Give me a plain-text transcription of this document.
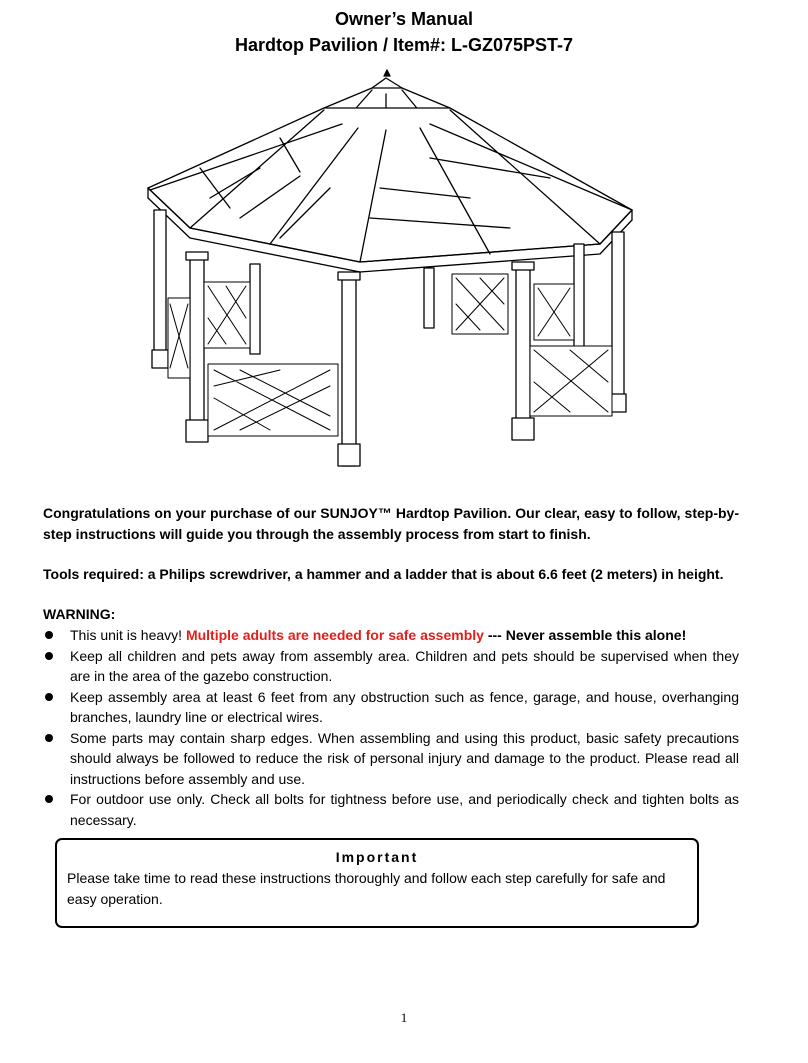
Owner’s Manual
Hardtop Pavilion / Item#: L-GZ075PST-7
Congratulations on your purchase of our SUNJOY™ Hardtop Pavilion. Our clear, easy to follow, step-by-step instructions will guide you through the assembly process from start to finish.
Tools required: a Philips screwdriver, a hammer and a ladder that is about 6.6 feet (2 meters) in height.
WARNING:
This unit is heavy! Multiple adults are needed for safe assembly --- Never assemble this alone!
Keep all children and pets away from assembly area. Children and pets should be supervised when they are in the area of the gazebo construction.
Keep assembly area at least 6 feet from any obstruction such as fence, garage, and house, overhanging branches, laundry line or electrical wires.
Some parts may contain sharp edges. When assembling and using this product, basic safety precautions should always be followed to reduce the risk of personal injury and damage to the product. Please read all instructions before assembly and use.
For outdoor use only. Check all bolts for tightness before use, and periodically check and tighten bolts as necessary.
Important
Please take time to read these instructions thoroughly and follow each step carefully for safe and easy operation.
1
